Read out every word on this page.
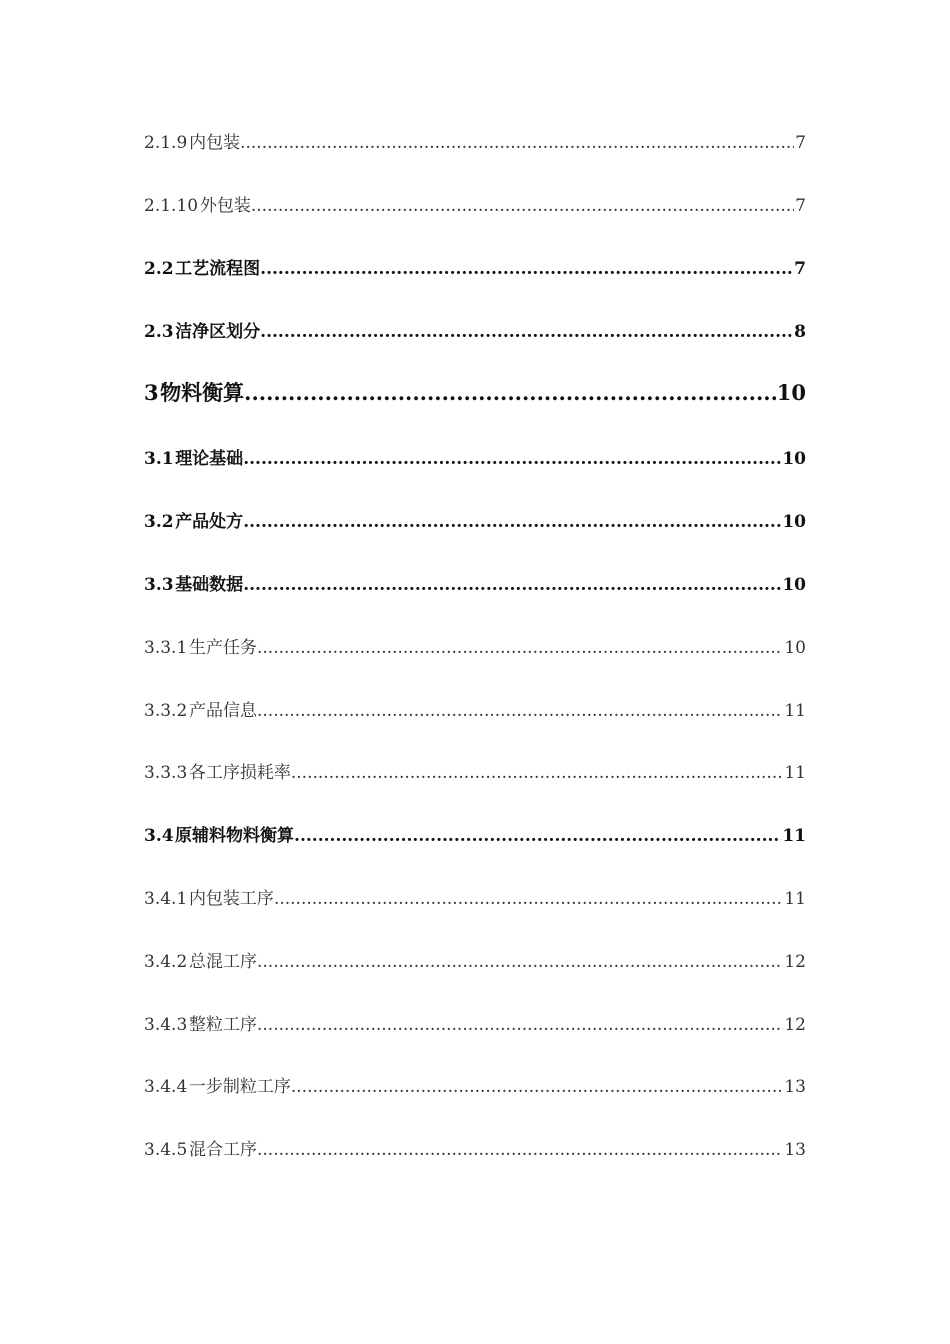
2.1.9 内包装 .....	7
2.1.10 外包装 .....	7
2.2 工艺流程图 .....	7
2.3 洁净区划分 .....	8
3 物料衡算 .....	10
3.1 理论基础 .....	10
3.2 产品处方 .....	10
3.3 基础数据 .....	10
3.3.1 生产任务 .....	10
3.3.2 产品信息 .....	11
3.3.3 各工序损耗率 .....	11
3.4 原辅料物料衡算 .....	11
3.4.1 内包装工序 .....	11
3.4.2 总混工序 .....	12
3.4.3 整粒工序 .....	12
3.4.4 一步制粒工序 .....	13
3.4.5 混合工序 .....	13
